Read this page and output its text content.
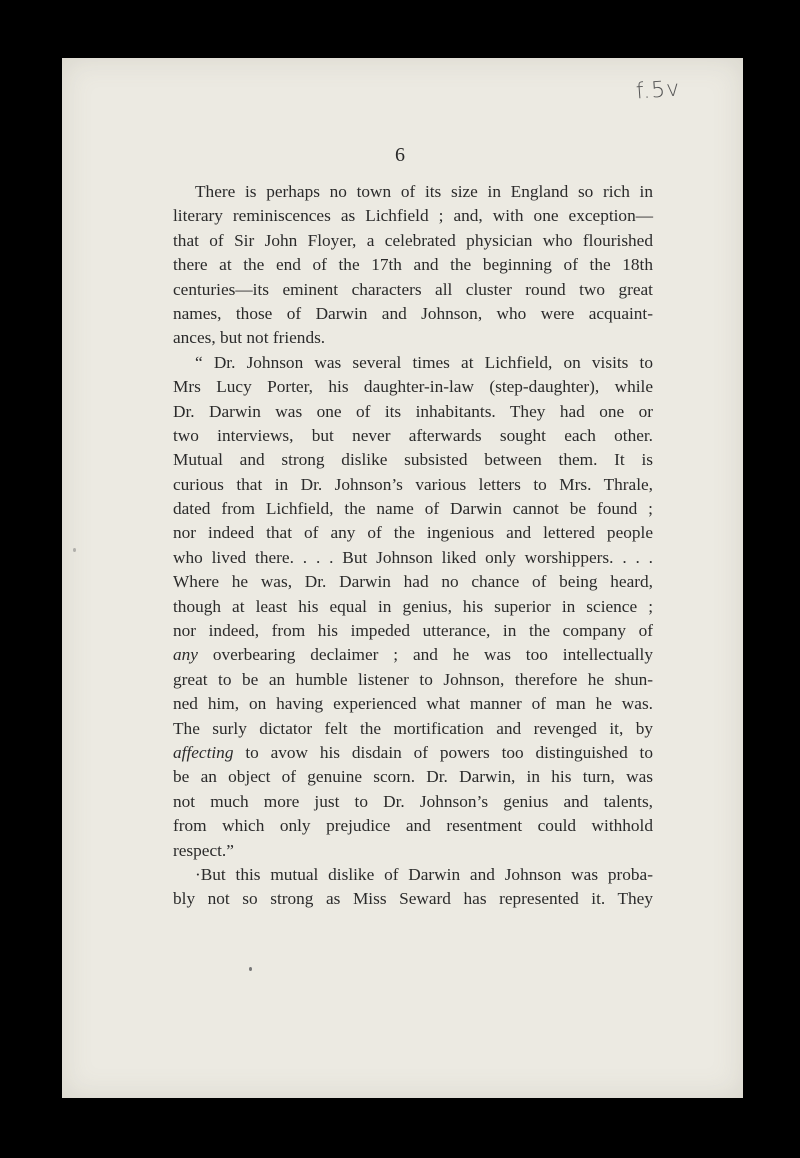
f.5v
6
There is perhaps no town of its size in England so rich in
literary reminiscences as Lichfield ; and, with one exception—
that of Sir John Floyer, a celebrated physician who flourished
there at the end of the 17th and the beginning of the 18th
centuries—its eminent characters all cluster round two great
names, those of Darwin and Johnson, who were acquaint-
ances, but not friends.
“ Dr. Johnson was several times at Lichfield, on visits to
Mrs Lucy Porter, his daughter-in-law (step-daughter), while
Dr. Darwin was one of its inhabitants. They had one or
two interviews, but never afterwards sought each other.
Mutual and strong dislike subsisted between them. It is
curious that in Dr. Johnson’s various letters to Mrs. Thrale,
dated from Lichfield, the name of Darwin cannot be found ;
nor indeed that of any of the ingenious and lettered people
who lived there. . . . But Johnson liked only worshippers. . . .
Where he was, Dr. Darwin had no chance of being heard,
though at least his equal in genius, his superior in science ;
nor indeed, from his impeded utterance, in the company of
any overbearing declaimer ; and he was too intellectually
great to be an humble listener to Johnson, therefore he shun-
ned him, on having experienced what manner of man he was.
The surly dictator felt the mortification and revenged it, by
affecting to avow his disdain of powers too distinguished to
be an object of genuine scorn. Dr. Darwin, in his turn, was
not much more just to Dr. Johnson’s genius and talents,
from which only prejudice and resentment could withhold
respect.”
·But this mutual dislike of Darwin and Johnson was proba-
bly not so strong as Miss Seward has represented it. They
